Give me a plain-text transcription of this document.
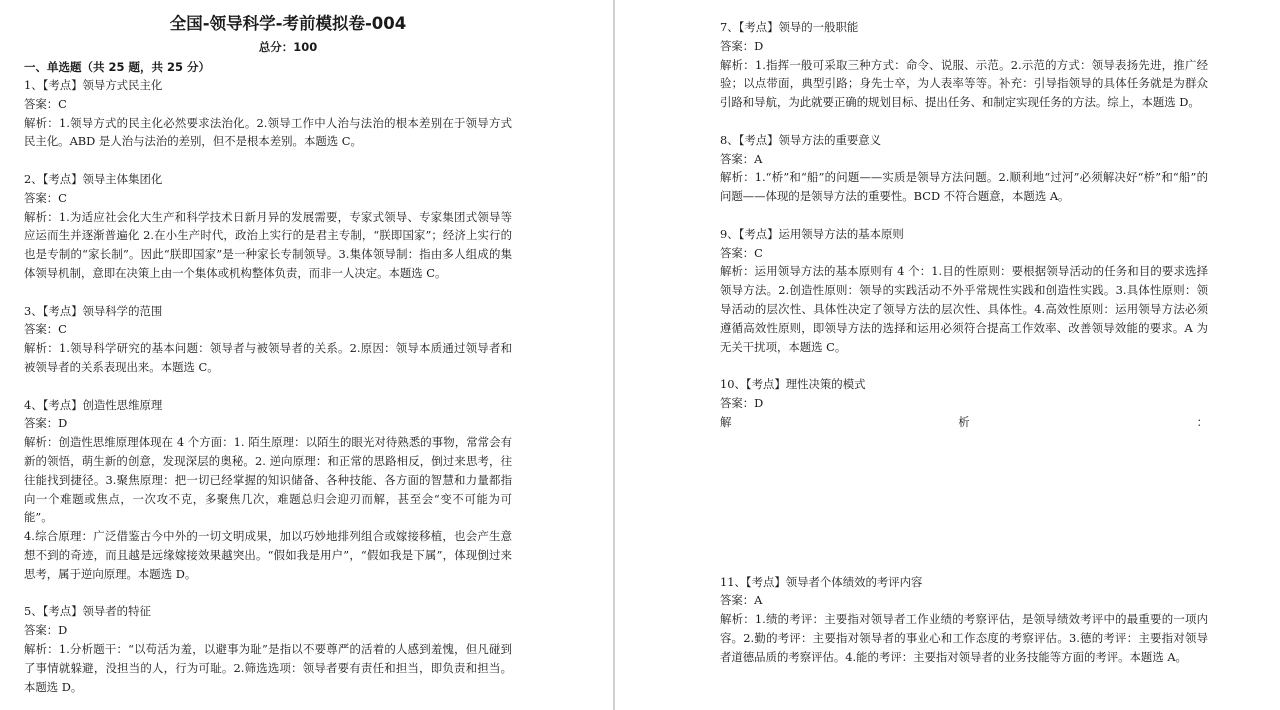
全国-领导科学-考前模拟卷-004
总分：100
一、单选题（共 25 题，共 25 分）

1、【考点】领导方式民主化

答案：C

解析：1.领导方式的民主化必然要求法治化。2.领导工作中人治与法治的根本差别在于领导方式民主化。ABD 是人治与法治的差别，但不是根本差别。本题选 C。

2、【考点】领导主体集团化

答案：C

解析：1.为适应社会化大生产和科学技术日新月异的发展需要，专家式领导、专家集团式领导等应运而生并逐渐普遍化 2.在小生产时代，政治上实行的是君主专制，“朕即国家”；经济上实行的也是专制的“家长制”。因此“朕即国家”是一种家长专制领导。3.集体领导制：指由多人组成的集体领导机制，意即在决策上由一个集体或机构整体负责，而非一人决定。本题选 C。

3、【考点】领导科学的范围

答案：C

解析：1.领导科学研究的基本问题：领导者与被领导者的关系。2.原因：领导本质通过领导者和被领导者的关系表现出来。本题选 C。

4、【考点】创造性思维原理

答案：D

解析：创造性思维原理体现在 4 个方面：1. 陌生原理：以陌生的眼光对待熟悉的事物，常常会有新的领悟，萌生新的创意，发现深层的奥秘。2. 逆向原理：和正常的思路相反，倒过来思考，往往能找到捷径。3.聚焦原理：把一切已经掌握的知识储备、各种技能、各方面的智慧和力量都指向一个难题或焦点，一次攻不克，多聚焦几次，难题总归会迎刃而解，甚至会“变不可能为可能”。

4.综合原理：广泛借鉴古今中外的一切文明成果，加以巧妙地排列组合或嫁接移植，也会产生意想不到的奇迹，而且越是远缘嫁接效果越突出。“假如我是用户”，“假如我是下属”，体现倒过来思考，属于逆向原理。本题选 D。

5、【考点】领导者的特征

答案：D

解析：1.分析题干：“以苟活为羞，以避事为耻”是指以不要尊严的活着的人感到羞愧，但凡碰到了事情就躲避，没担当的人，行为可耻。2.筛选选项：领导者要有责任和担当，即负责和担当。本题选 D。

7、【考点】领导的一般职能

答案：D

解析：1.指挥一般可采取三种方式：命令、说服、示范。2.示范的方式：领导表扬先进，推广经验；以点带面，典型引路；身先士卒，为人表率等等。补充：引导指领导的具体任务就是为群众引路和导航，为此就要正确的规划目标、提出任务、和制定实现任务的方法。综上，本题选 D。

8、【考点】领导方法的重要意义

答案：A

解析：1.“桥”和“船”的问题——实质是领导方法问题。2.顺利地“过河”必须解决好“桥”和“船”的问题——体现的是领导方法的重要性。BCD 不符合题意，本题选 A。

9、【考点】运用领导方法的基本原则

答案：C

解析：运用领导方法的基本原则有 4 个：1.目的性原则：要根据领导活动的任务和目的要求选择领导方法。2.创造性原则：领导的实践活动不外乎常规性实践和创造性实践。3.具体性原则：领导活动的层次性、具体性决定了领导方法的层次性、具体性。4.高效性原则：运用领导方法必须遵循高效性原则，即领导方法的选择和运用必须符合提高工作效率、改善领导效能的要求。A 为无关干扰项，本题选 C。

10、【考点】理性决策的模式

答案：D

解	析	：

11、【考点】领导者个体绩效的考评内容

答案：A

解析：1.绩的考评：主要指对领导者工作业绩的考察评估，是领导绩效考评中的最重要的一项内容。2.勤的考评：主要指对领导者的事业心和工作态度的考察评估。3.德的考评：主要指对领导者道德品质的考察评估。4.能的考评：主要指对领导者的业务技能等方面的考评。本题选 A。
